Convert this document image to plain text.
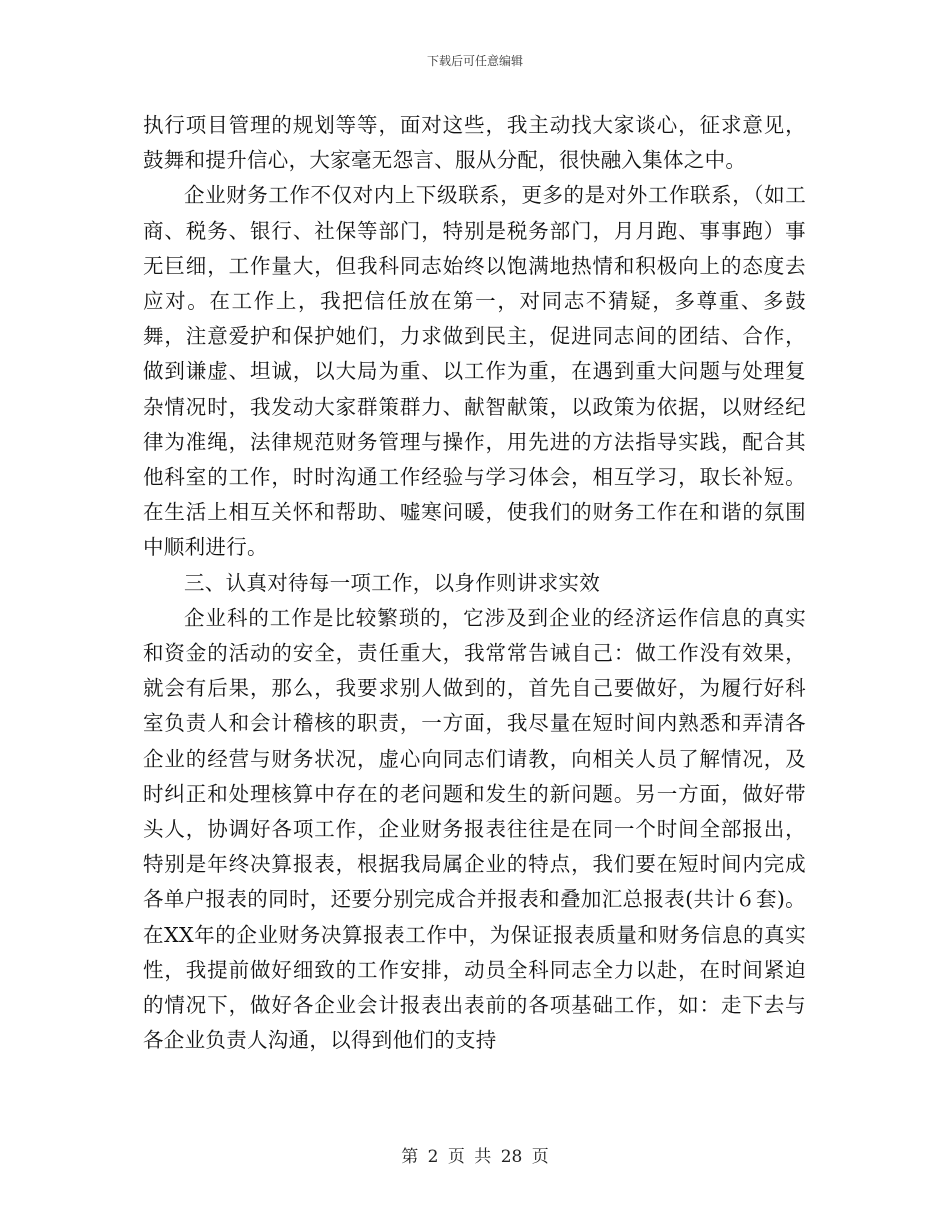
下载后可任意编辑

执行项目管理的规划等等，面对这些，我主动找大家谈心，征求意见，鼓舞和提升信心，大家毫无怨言、服从分配，很快融入集体之中。

企业财务工作不仅对内上下级联系，更多的是对外工作联系，（如工商、税务、银行、社保等部门，特别是税务部门，月月跑、事事跑）事无巨细，工作量大，但我科同志始终以饱满地热情和积极向上的态度去应对。在工作上，我把信任放在第一，对同志不猜疑，多尊重、多鼓舞，注意爱护和保护她们，力求做到民主，促进同志间的团结、合作，做到谦虚、坦诚，以大局为重、以工作为重，在遇到重大问题与处理复杂情况时，我发动大家群策群力、献智献策，以政策为依据，以财经纪律为准绳，法律规范财务管理与操作，用先进的方法指导实践，配合其他科室的工作，时时沟通工作经验与学习体会，相互学习，取长补短。在生活上相互关怀和帮助、嘘寒问暖，使我们的财务工作在和谐的氛围中顺利进行。

三、认真对待每一项工作，以身作则讲求实效

企业科的工作是比较繁琐的，它涉及到企业的经济运作信息的真实和资金的活动的安全，责任重大，我常常告诫自己：做工作没有效果，就会有后果，那么，我要求别人做到的，首先自己要做好，为履行好科室负责人和会计稽核的职责，一方面，我尽量在短时间内熟悉和弄清各企业的经营与财务状况，虚心向同志们请教，向相关人员了解情况，及时纠正和处理核算中存在的老问题和发生的新问题。另一方面，做好带头人，协调好各项工作，企业财务报表往往是在同一个时间全部报出，特别是年终决算报表，根据我局属企业的特点，我们要在短时间内完成各单户报表的同时，还要分别完成合并报表和叠加汇总报表(共计６套)。在XX年的企业财务决算报表工作中，为保证报表质量和财务信息的真实性，我提前做好细致的工作安排，动员全科同志全力以赴，在时间紧迫的情况下，做好各企业会计报表出表前的各项基础工作，如：走下去与各企业负责人沟通，以得到他们的支持

第 2 页 共 28 页
